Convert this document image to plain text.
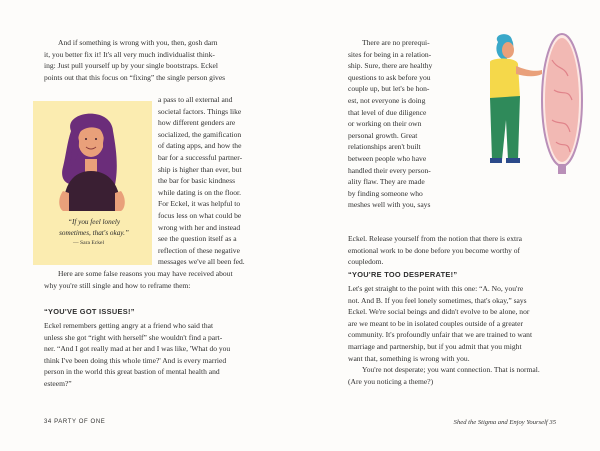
And if something is wrong with you, then, gosh darn
it, you better fix it! It's all very much individualist think-
ing: Just pull yourself up by your single bootstraps. Eckel
points out that this focus on “fixing” the single person gives
“If you feel lonely
sometimes, that's okay.”
— Sara Eckel

a pass to all external and

societal factors. Things like

how different genders are

socialized, the gamification

of dating apps, and how the

bar for a successful partner-

ship is higher than ever, but

the bar for basic kindness

while dating is on the floor.

For Eckel, it was helpful to

focus less on what could be

wrong with her and instead

see the question itself as a

reflection of these negative

messages we've all been fed.

Here are some false reasons you may have received about

why you're still single and how to reframe them:

“YOU'VE GOT ISSUES!”

Eckel remembers getting angry at a friend who said that

unless she got “right with herself” she wouldn't find a part-

ner. “And I got really mad at her and I was like, 'What do you

think I've been doing this whole time?' And is every married

person in the world this great bastion of mental health and

esteem?”

34 PARTY OF ONE

There are no prerequi-

sites for being in a relation-

ship. Sure, there are healthy

questions to ask before you

couple up, but let's be hon-

est, not everyone is doing

that level of due diligence

or working on their own

personal growth. Great

relationships aren't built

between people who have

handled their every person-

ality flaw. They are made

by finding someone who

meshes well with you, says

Eckel. Release yourself from the notion that there is extra

emotional work to be done before you become worthy of

coupledom.

“YOU'RE TOO DESPERATE!”

Let's get straight to the point with this one: “A. No, you're

not. And B. If you feel lonely sometimes, that's okay,” says

Eckel. We're social beings and didn't evolve to be alone, nor

are we meant to be in isolated couples outside of a greater

community. It's profoundly unfair that we are trained to want

marriage and partnership, but if you admit that you might

want that, something is wrong with you.

You're not desperate; you want connection. That is normal.

(Are you noticing a theme?)

Shed the Stigma and Enjoy Yourself 35
